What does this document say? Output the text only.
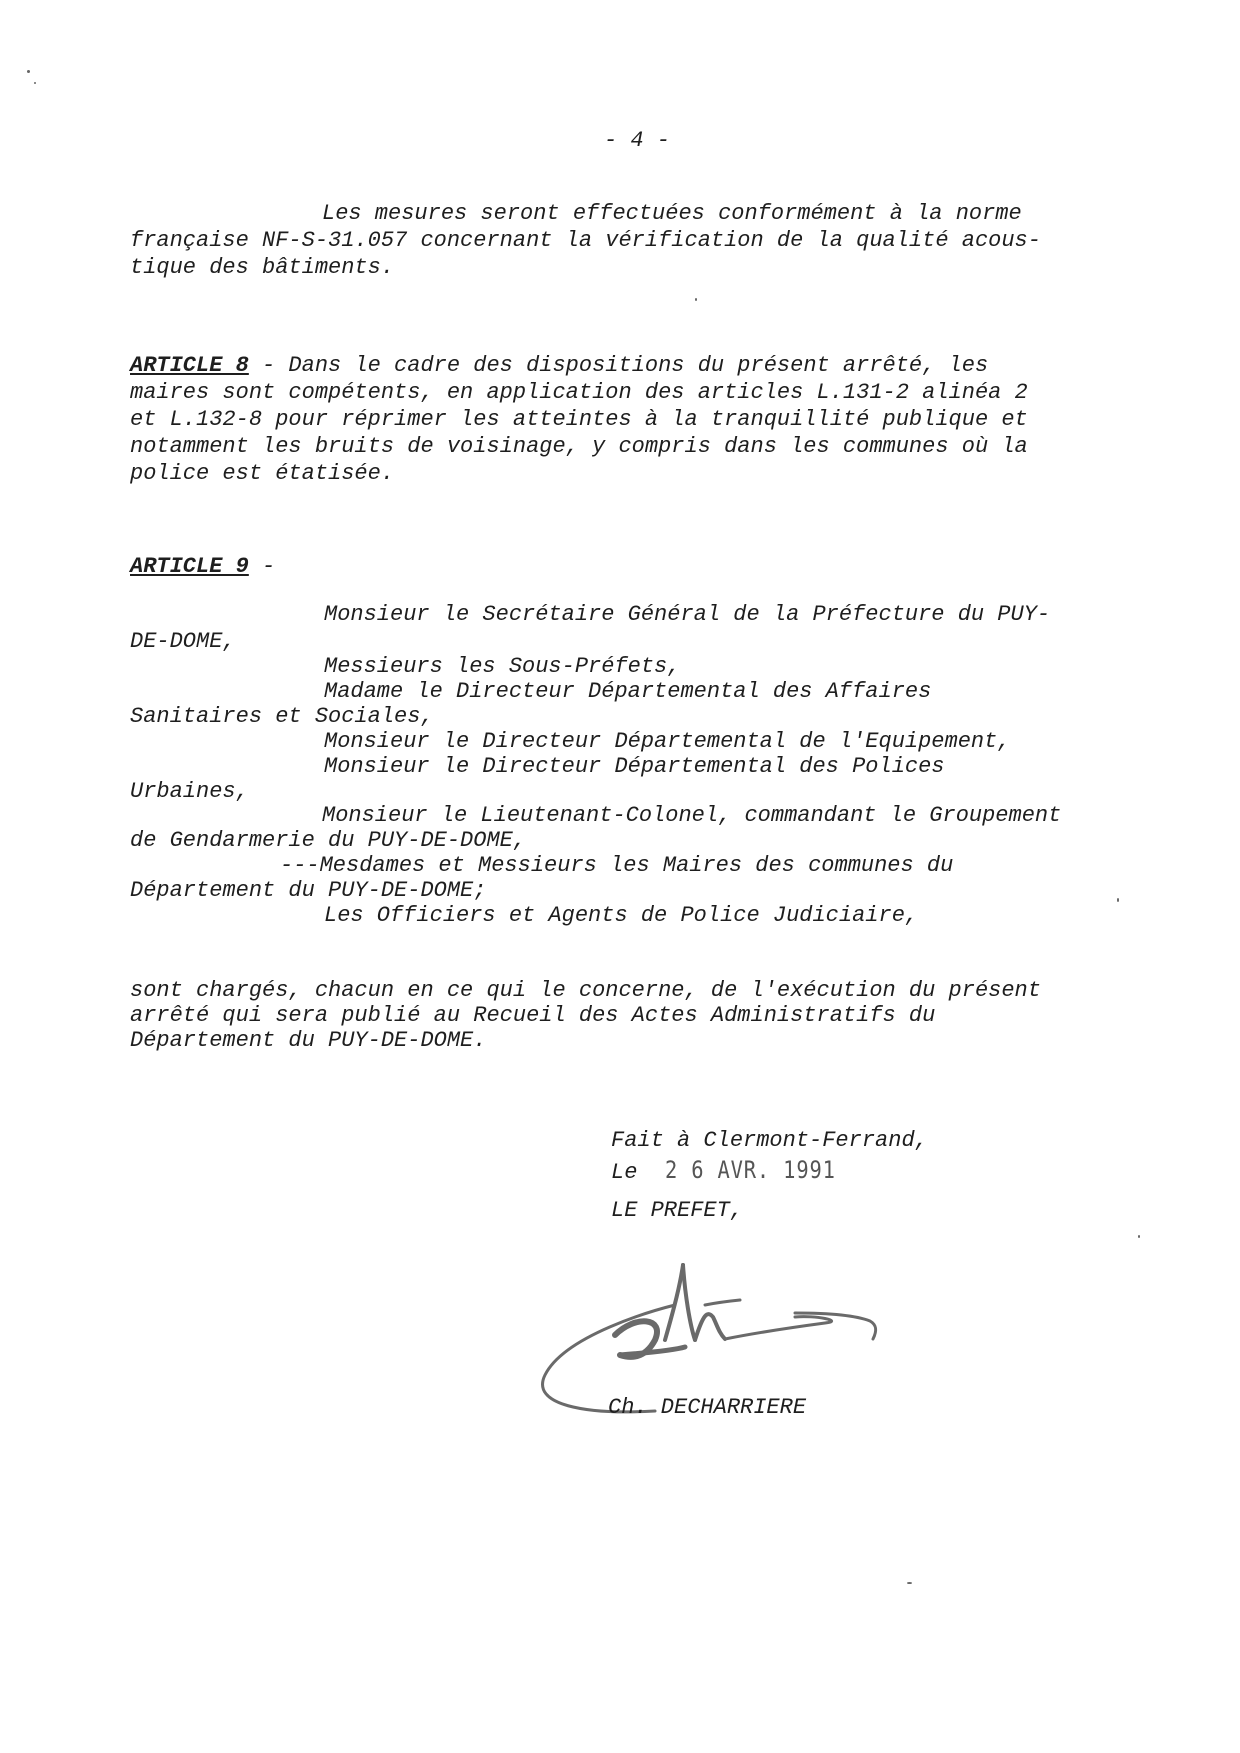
- 4 -
Les mesures seront effectuées conformément à la norme
française NF-S-31.057 concernant la vérification de la qualité acous-
tique des bâtiments.
ARTICLE 8 - Dans le cadre des dispositions du présent arrêté, les
maires sont compétents, en application des articles L.131-2 alinéa 2
et L.132-8 pour réprimer les atteintes à la tranquillité publique et
notamment les bruits de voisinage, y compris dans les communes où la
police est étatisée.
ARTICLE 9 -
Monsieur le Secrétaire Général de la Préfecture du PUY-
DE-DOME,
Messieurs les Sous-Préfets,
Madame le Directeur Départemental des Affaires
Sanitaires et Sociales,
Monsieur le Directeur Départemental de l'Equipement,
Monsieur le Directeur Départemental des Polices
Urbaines,
Monsieur le Lieutenant-Colonel, commandant le Groupement
de Gendarmerie du PUY-DE-DOME,
---Mesdames et Messieurs les Maires des communes du
Département du PUY-DE-DOME;
Les Officiers et Agents de Police Judiciaire,
sont chargés, chacun en ce qui le concerne, de l'exécution du présent
arrêté qui sera publié au Recueil des Actes Administratifs du
Département du PUY-DE-DOME.
Fait à Clermont-Ferrand,
Le 2 6 AVR. 1991
LE PREFET,
Ch. DECHARRIERE
